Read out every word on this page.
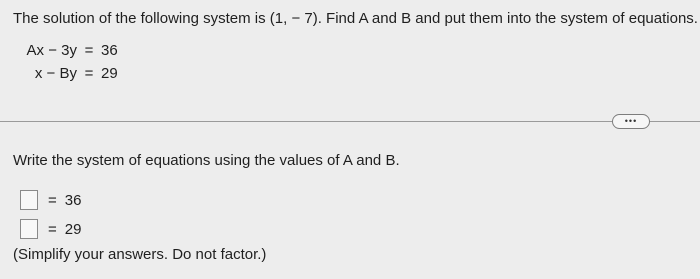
The solution of the following system is (1, − 7). Find A and B and put them into the system of equations.
Ax − 3y = 36
x − By = 29
•••
Write the system of equations using the values of A and B.
= 36
= 29
(Simplify your answers. Do not factor.)
